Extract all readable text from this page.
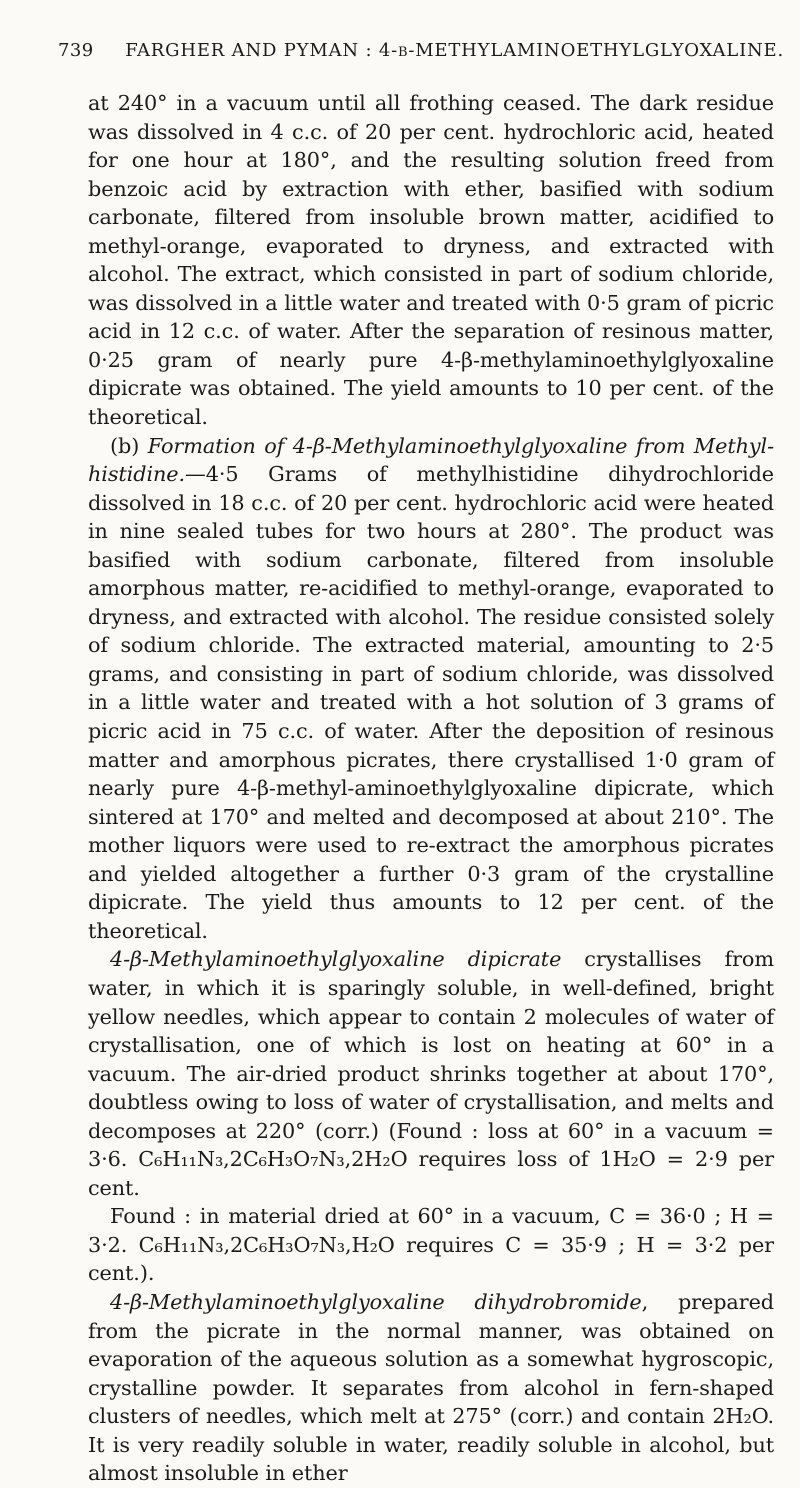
739 FARGHER AND PYMAN : 4-β-METHYLAMINOETHYLGLYOXALINE.

at 240° in a vacuum until all frothing ceased. The dark residue was dissolved in 4 c.c. of 20 per cent. hydrochloric acid, heated for one hour at 180°, and the resulting solution freed from benzoic acid by extraction with ether, basified with sodium carbonate, filtered from insoluble brown matter, acidified to methyl-orange, evaporated to dryness, and extracted with alcohol. The extract, which consisted in part of sodium chloride, was dissolved in a little water and treated with 0·5 gram of picric acid in 12 c.c. of water. After the separation of resinous matter, 0·25 gram of nearly pure 4-β-methylaminoethylglyoxaline dipicrate was obtained. The yield amounts to 10 per cent. of the theoretical.

(b) Formation of 4-β-Methylaminoethylglyoxaline from Methyl-histidine.—4·5 Grams of methylhistidine dihydrochloride dissolved in 18 c.c. of 20 per cent. hydrochloric acid were heated in nine sealed tubes for two hours at 280°. The product was basified with sodium carbonate, filtered from insoluble amorphous matter, re-acidified to methyl-orange, evaporated to dryness, and extracted with alcohol. The residue consisted solely of sodium chloride. The extracted material, amounting to 2·5 grams, and consisting in part of sodium chloride, was dissolved in a little water and treated with a hot solution of 3 grams of picric acid in 75 c.c. of water. After the deposition of resinous matter and amorphous picrates, there crystallised 1·0 gram of nearly pure 4-β-methyl-aminoethylglyoxaline dipicrate, which sintered at 170° and melted and decomposed at about 210°. The mother liquors were used to re-extract the amorphous picrates and yielded altogether a further 0·3 gram of the crystalline dipicrate. The yield thus amounts to 12 per cent. of the theoretical.

4-β-Methylaminoethylglyoxaline dipicrate crystallises from water, in which it is sparingly soluble, in well-defined, bright yellow needles, which appear to contain 2 molecules of water of crystallisation, one of which is lost on heating at 60° in a vacuum. The air-dried product shrinks together at about 170°, doubtless owing to loss of water of crystallisation, and melts and decomposes at 220° (corr.) (Found : loss at 60° in a vacuum = 3·6. C₆H₁₁N₃,2C₆H₃O₇N₃,2H₂O requires loss of 1H₂O = 2·9 per cent.

Found : in material dried at 60° in a vacuum, C = 36·0 ; H = 3·2. C₆H₁₁N₃,2C₆H₃O₇N₃,H₂O requires C = 35·9 ; H = 3·2 per cent.).

4-β-Methylaminoethylglyoxaline dihydrobromide, prepared from the picrate in the normal manner, was obtained on evaporation of the aqueous solution as a somewhat hygroscopic, crystalline powder. It separates from alcohol in fern-shaped clusters of needles, which melt at 275° (corr.) and contain 2H₂O. It is very readily soluble in water, readily soluble in alcohol, but almost insoluble in ether
